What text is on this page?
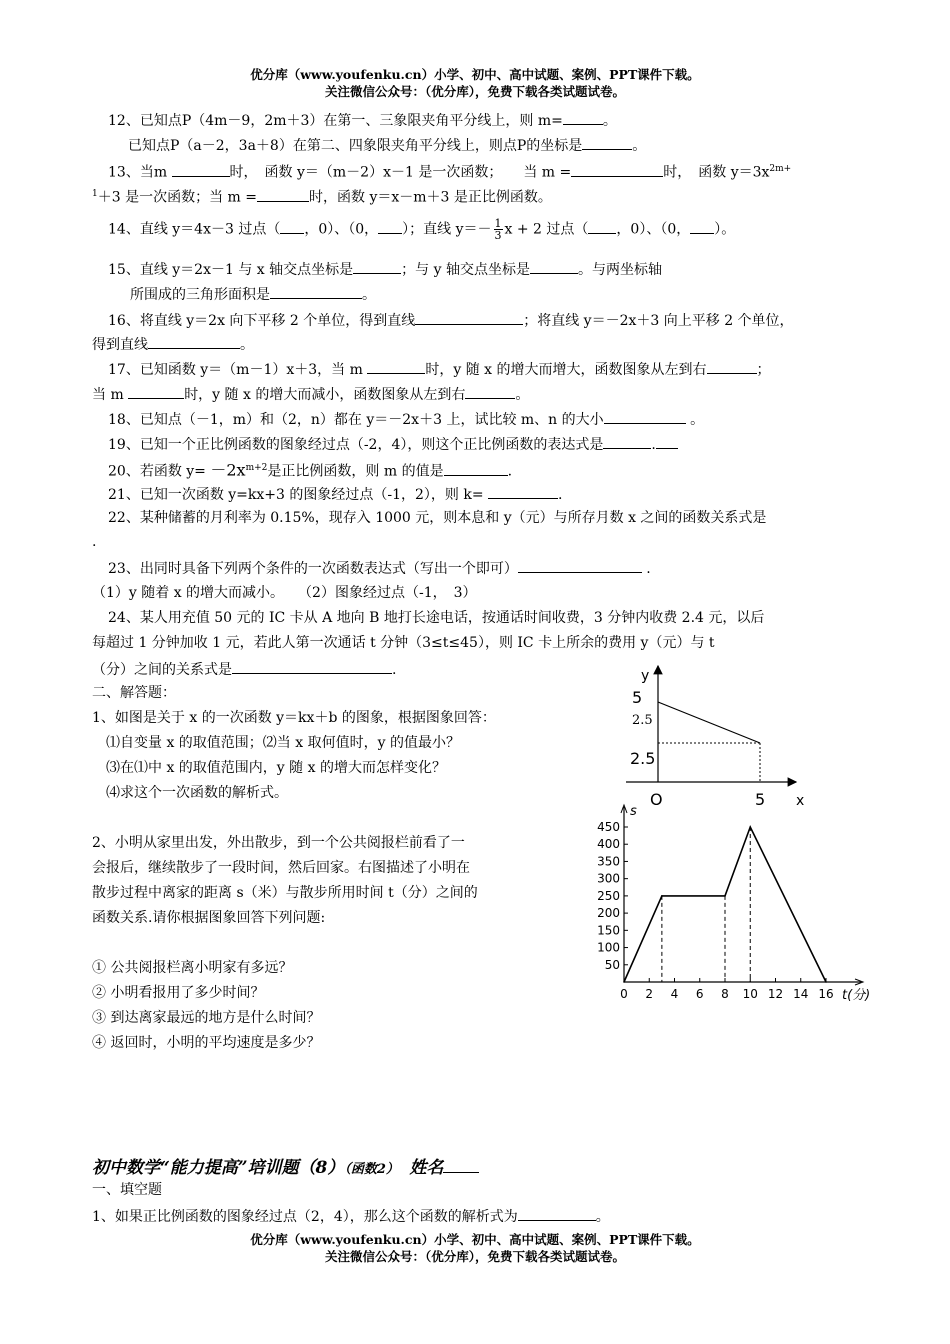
优分库（www.youfenku.cn）小学、初中、高中试题、案例、PPT课件下载。
关注微信公众号：（优分库），免费下载各类试题试卷。
12、已知点P（4m－9，2m＋3）在第一、三象限夹角平分线上，则 m=	。
已知点P（a－2，3a＋8）在第二、四象限夹角平分线上，则点P的坐标是	。
13、当m	时，　函数 y＝（m－2）x－1 是一次函数；　　当 m =	时，　函数 $y=3x^{2m+}$
$^1$＋3 是一次函数；当 m =	时，函数 y＝x－m＋3 是正比例函数。
14、直线 y＝4x－3 过点（ ，0）、（0， ）；直线 $y=- \frac{1}{3}$ x + 2 过点（ ，0）、（0， ）。
15、直线 y＝2x－1 与 x 轴交点坐标是	；与 y 轴交点坐标是	。与两坐标轴
所围成的三角形面积是	。
16、将直线 y＝2x 向下平移 2 个单位，得到直线	；将直线 y＝－2x＋3 向上平移 2 个单位，
得到直线	。
17、已知函数 y＝（m－1）x＋3，当 m	时，y 随 x 的增大而增大，函数图象从左到右	；
当 m	时，y 随 x 的增大而减小，函数图象从左到右	。
18、已知点（－1，m）和（2，n）都在 y＝－2x＋3 上，试比较 m、n 的大小	。
19、已知一个正比例函数的图象经过点（-2，4），则这个正比例函数的表达式是	.
20、若函数 $y= -2x^{m+2}$是正比例函数，则 m 的值是	.
21、已知一次函数 y=kx+3 的图象经过点（-1，2），则 k=	.
22、某种储蓄的月利率为 0.15%，现存入 1000 元，则本息和 y（元）与所存月数 x 之间的函数关系式是
.
23、出同时具备下列两个条件的一次函数表达式（写出一个即可）	.
（1）y 随着 x 的增大而减小。　　（2）图象经过点（-1，　3）
24、某人用充值 50 元的 IC 卡从 A 地向 B 地打长途电话，按通话时间收费，3 分钟内收费 2.4 元，以后
每超过 1 分钟加收 1 元，若此人第一次通话 t 分钟（3≤t≤45），则 IC 卡上所余的费用 y（元）与 t
（分）之间的关系式是	.
二、解答题：
1、如图是关于 x 的一次函数 y＝kx＋b 的图象，根据图象回答：
⑴自变量 x 的取值范围；⑵当 x 取何值时，y 的值最小？
⑶在⑴中 x 的取值范围内，y 随 x 的增大而怎样变化？
⑷求这个一次函数的解析式。
2、小明从家里出发，外出散步，到一个公共阅报栏前看了一
会报后，继续散步了一段时间，然后回家。右图描述了小明在
散步过程中离家的距离 s（米）与散步所用时间 t（分）之间的
函数关系.请你根据图象回答下列问题:
① 公共阅报栏离小明家有多远？
② 小明看报用了多少时间？
③ 到达离家最远的地方是什么时间？
④ 返回时，小明的平均速度是多少？
y
5
2.5
2.5
O	5 x
50
100
150
200
250
300
350
400
450
0 2 4 6 8 10 12 14 16
s
t(分)
初中数学“能力提高”培训题（8）（函数2）　 姓名
一、填空题
1、如果正比例函数的图象经过点（2，4），那么这个函数的解析式为	。
优分库（www.youfenku.cn）小学、初中、高中试题、案例、PPT课件下载。
关注微信公众号：（优分库），免费下载各类试题试卷。
